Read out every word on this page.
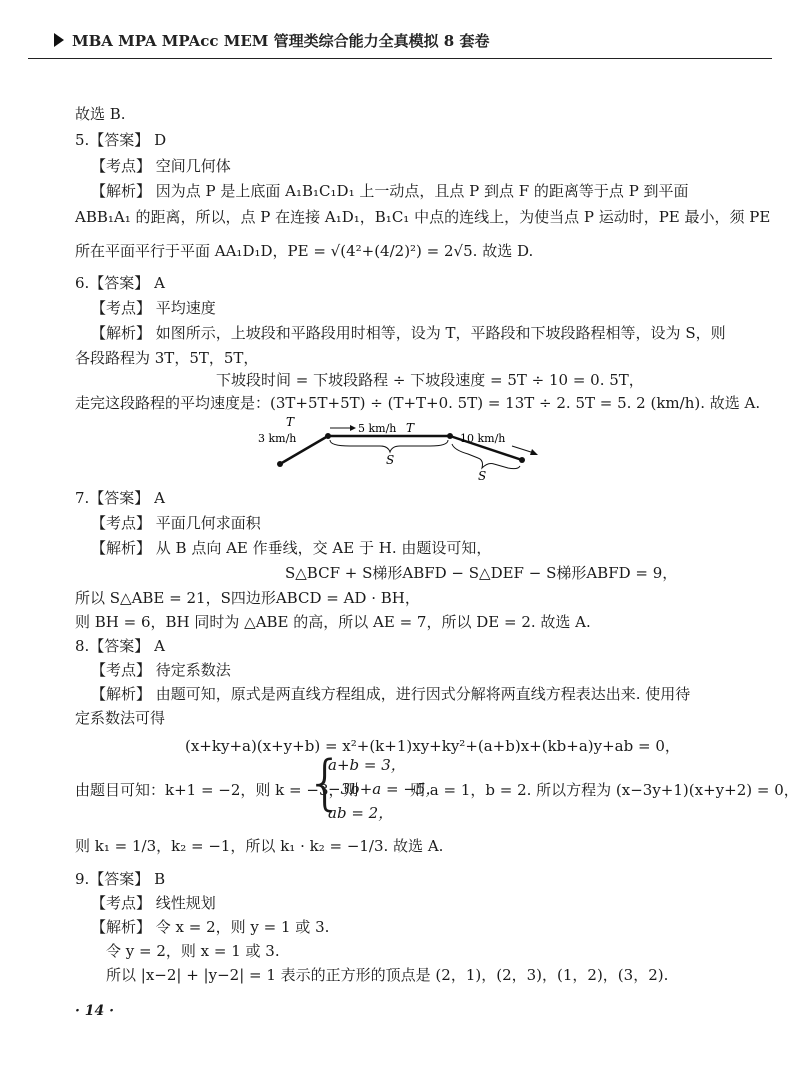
MBA MPA MPAcc MEM 管理类综合能力全真模拟 8 套卷
故选 B.
5.【答案】 D
【考点】 空间几何体
【解析】 因为点 P 是上底面 A₁B₁C₁D₁ 上一动点，且点 P 到点 F 的距离等于点 P 到平面
ABB₁A₁ 的距离，所以，点 P 在连接 A₁D₁，B₁C₁ 中点的连线上，为使当点 P 运动时，PE 最小，须 PE
所在平面平行于平面 AA₁D₁D，PE = √(4²+(4/2)²) = 2√5. 故选 D.
6.【答案】 A
【考点】 平均速度
【解析】 如图所示，上坡段和平路段用时相等，设为 T，平路段和下坡段路程相等，设为 S，则
各段路程为 3T，5T，5T，
下坡段时间 = 下坡段路程 ÷ 下坡段速度 = 5T ÷ 10 = 0. 5T，
走完这段路程的平均速度是：(3T+5T+5T) ÷ (T+T+0. 5T) = 13T ÷ 2. 5T = 5. 2 (km/h). 故选 A.
T
3 km/h
5 km/h T
10 km/h
S
S
7.【答案】 A
【考点】 平面几何求面积
【解析】 从 B 点向 AE 作垂线，交 AE 于 H. 由题设可知，
S△BCF + S梯形ABFD − S△DEF − S梯形ABFD = 9，
所以 S△ABE = 21，S四边形ABCD = AD · BH，
则 BH = 6，BH 同时为 △ABE 的高，所以 AE = 7，所以 DE = 2. 故选 A.
8.【答案】 A
【考点】 待定系数法
【解析】 由题可知，原式是两直线方程组成，进行因式分解将两直线方程表达出来. 使用待
定系数法可得
(x+ky+a)(x+y+b) = x²+(k+1)xy+ky²+(a+b)x+(kb+a)y+ab = 0，
由题目可知：k+1 = −2，则 k = −3，则
{
a+b = 3，
−3b+a = −5，
ab = 2，
则 a = 1，b = 2. 所以方程为 (x−3y+1)(x+y+2) = 0，
则 k₁ = 1/3，k₂ = −1，所以 k₁ · k₂ = −1/3. 故选 A.
9.【答案】 B
【考点】 线性规划
【解析】 令 x = 2，则 y = 1 或 3.
令 y = 2，则 x = 1 或 3.
所以 |x−2| + |y−2| = 1 表示的正方形的顶点是 (2，1)，(2，3)，(1，2)，(3，2).
· 14 ·
